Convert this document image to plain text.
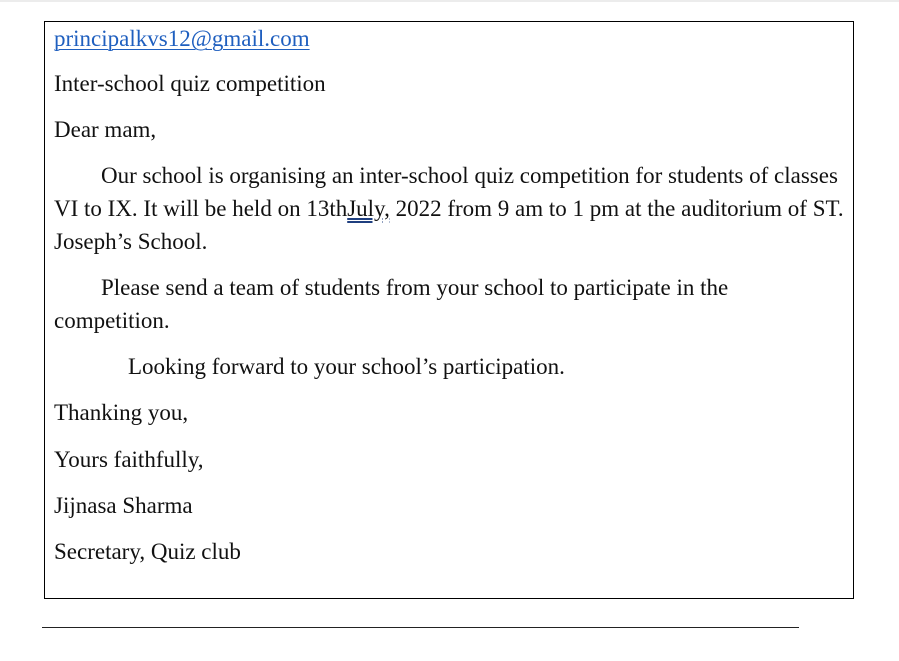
principalkvs12@gmail.com

Inter-school quiz competition

Dear mam,

Our school is organising an inter-school quiz competition for students of classes VI to IX. It will be held on 13thJuly, 2022 from 9 am to 1 pm at the auditorium of ST. Joseph’s School.

Please send a team of students from your school to participate in the competition.

Looking forward to your school’s participation.

Thanking you,

Yours faithfully,

Jijnasa Sharma

Secretary, Quiz club
